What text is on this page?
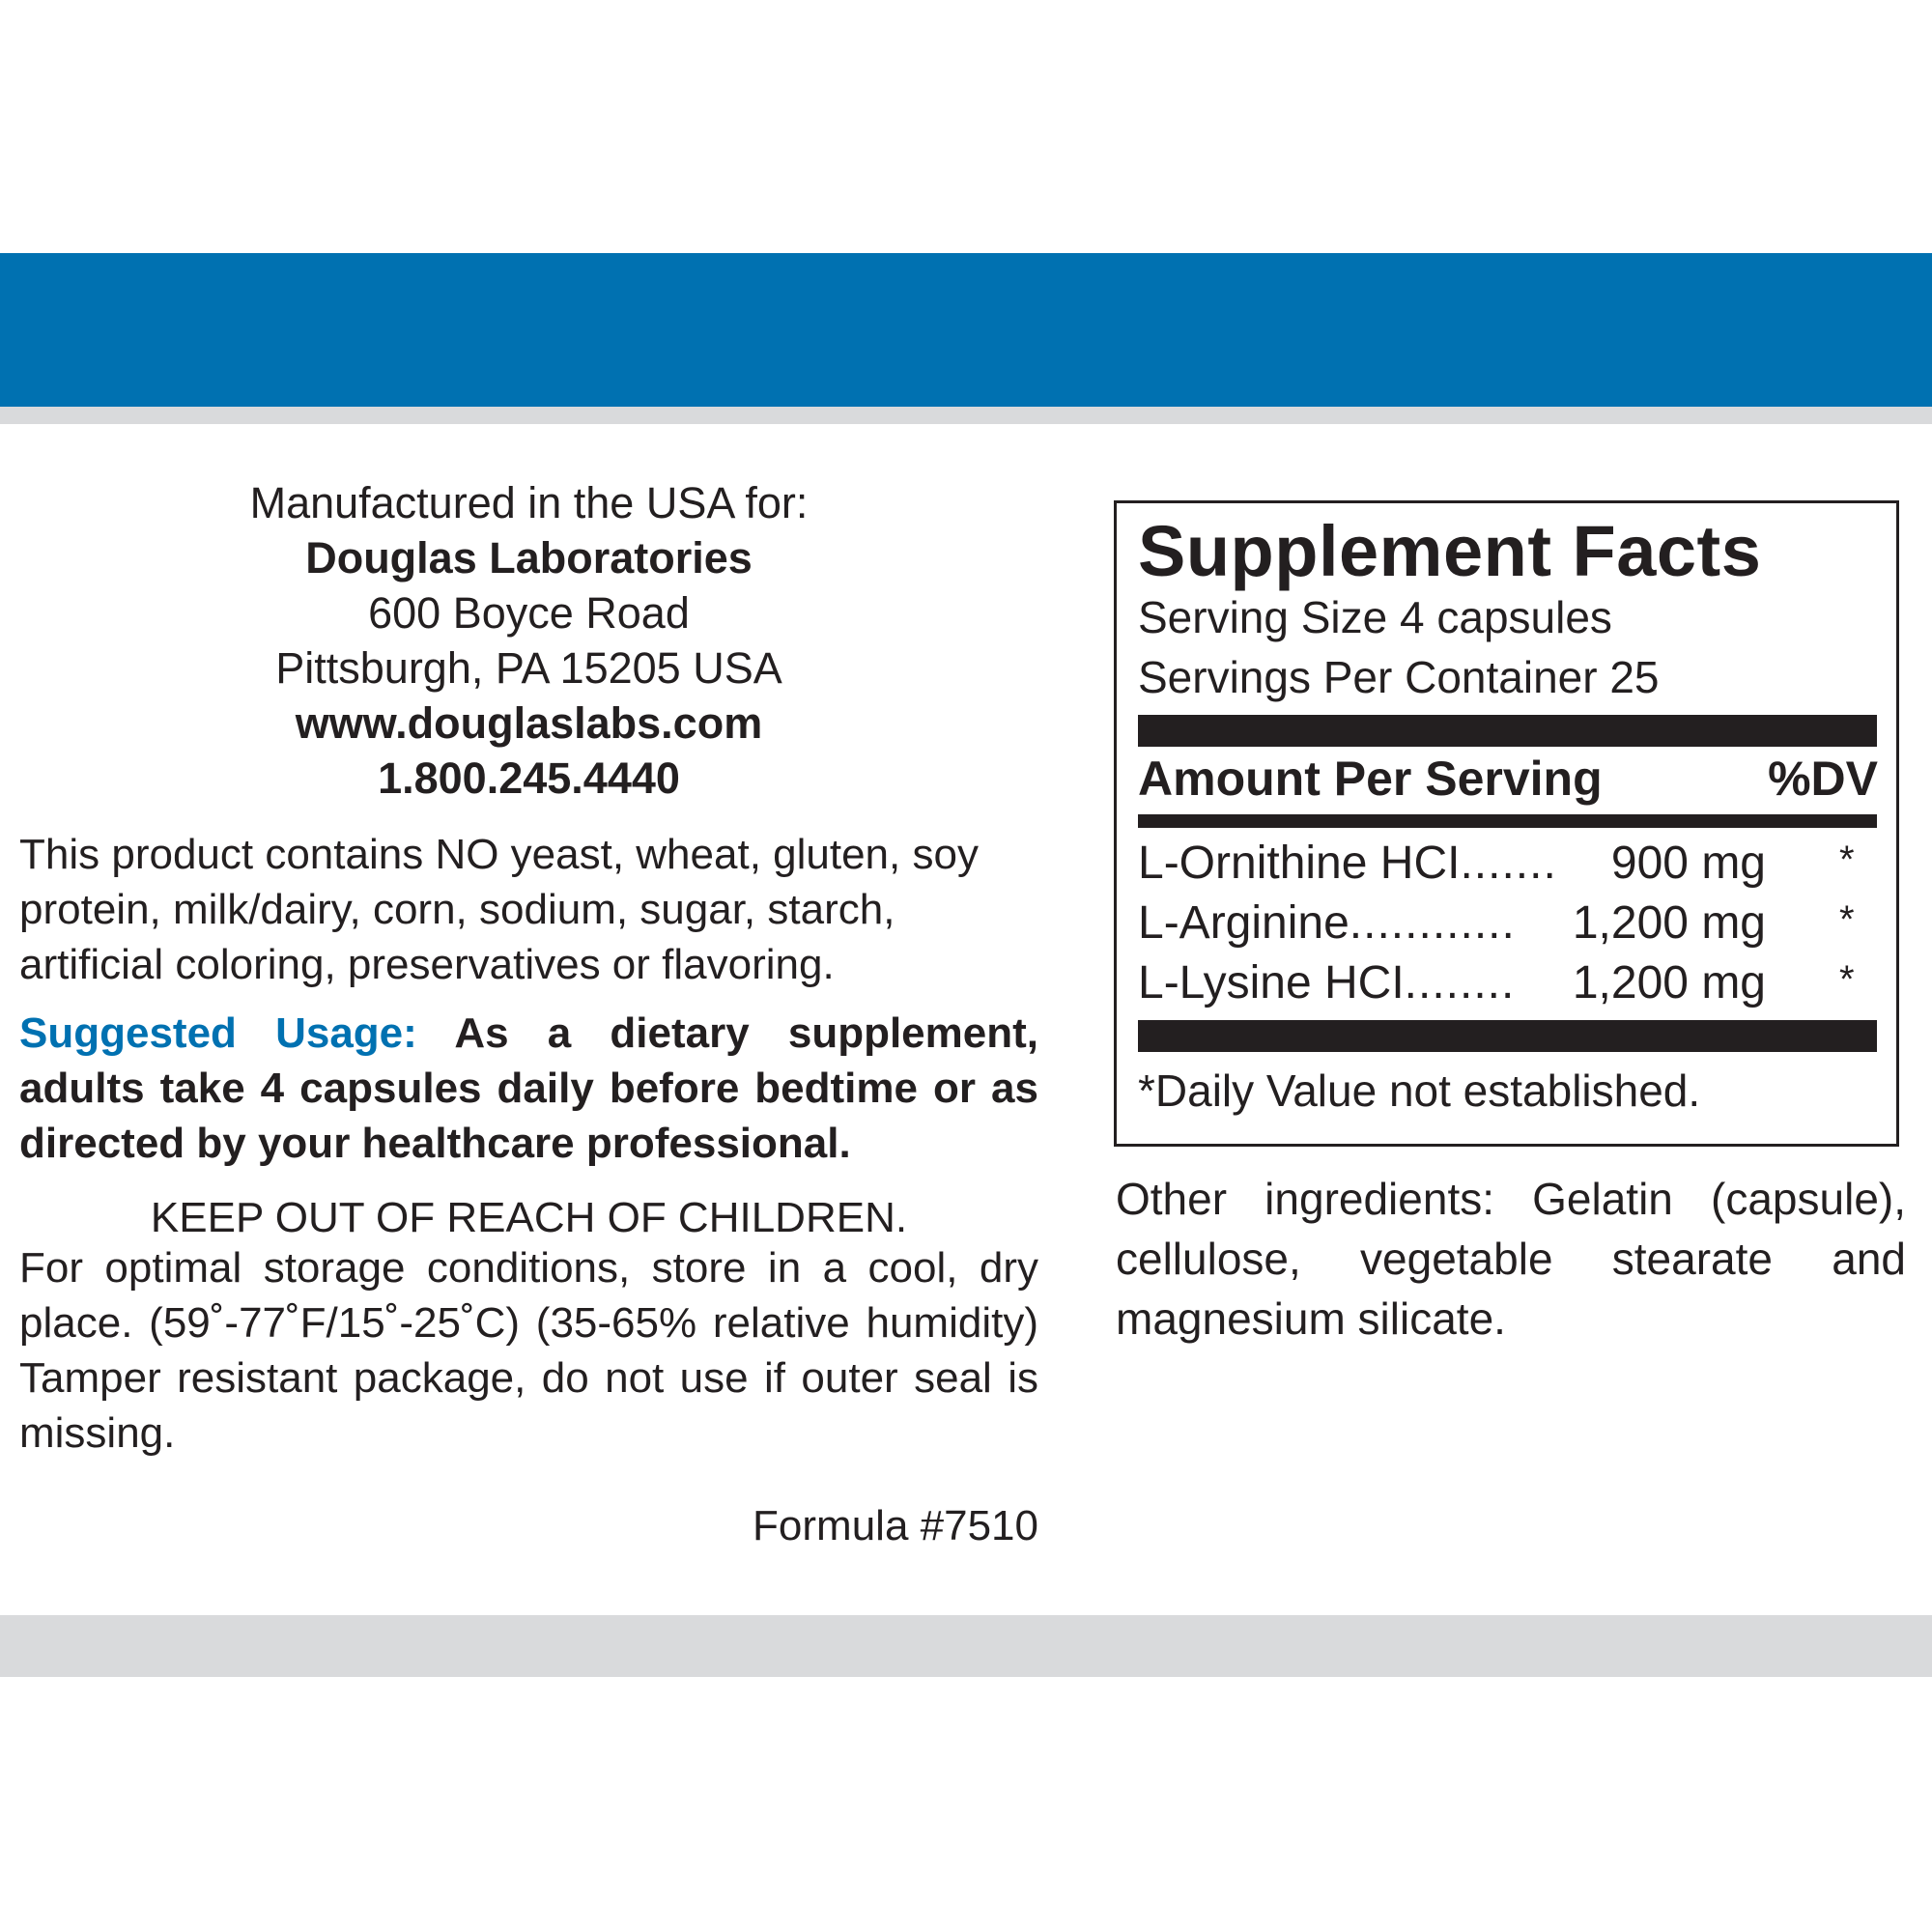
Manufactured in the USA for:
Douglas Laboratories
600 Boyce Road
Pittsburgh, PA 15205 USA
www.douglaslabs.com
1.800.245.4440
This product contains NO yeast, wheat, gluten, soy protein, milk/dairy, corn, sodium, sugar, starch, artificial coloring, preservatives or flavoring.
Suggested Usage: As a dietary supplement, adults take 4 capsules daily before bedtime or as directed by your healthcare professional.
KEEP OUT OF REACH OF CHILDREN.
For optimal storage conditions, store in a cool, dry place. (59˚-77˚F/15˚-25˚C) (35-65% relative humidity) Tamper resistant package, do not use if outer seal is missing.
Formula #7510
Supplement Facts
Serving Size 4 capsules
Servings Per Container 25
Amount Per Serving	%DV
L-Ornithine HCI....... 900 mg *
L-Arginine............ 1,200 mg *
L-Lysine HCI........ 1,200 mg *
*Daily Value not established.
Other ingredients: Gelatin (capsule), cellulose, vegetable stearate and magnesium silicate.
